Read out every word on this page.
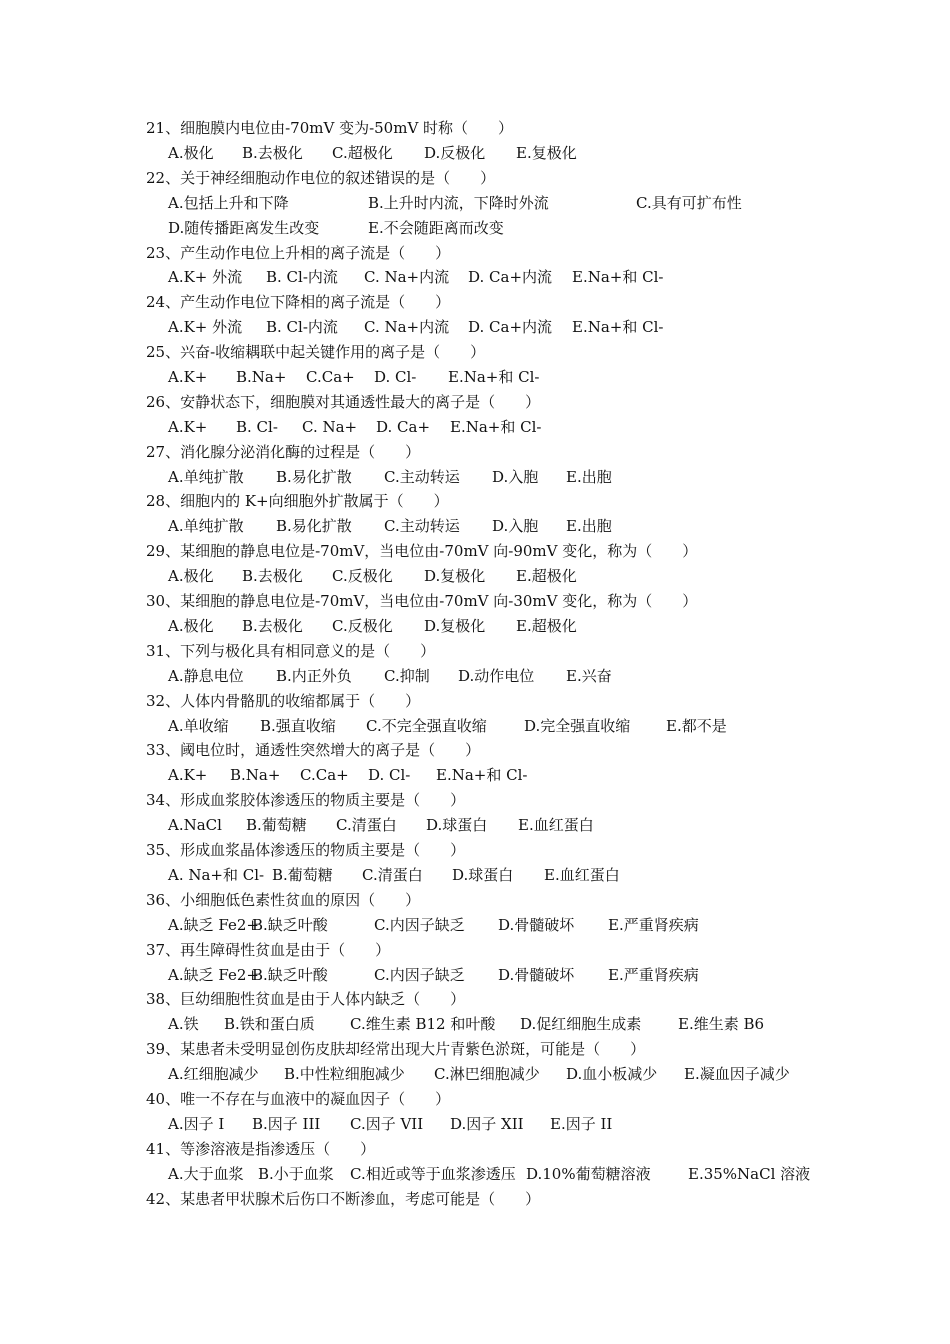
21、细胞膜内电位由-70mV 变为-50mV 时称（　　）
A.极化 B.去极化 C.超极化 D.反极化 E.复极化
22、关于神经细胞动作电位的叙述错误的是（　　）
A.包括上升和下降	B.上升时内流，下降时外流	C.具有可扩布性
D.随传播距离发生改变	E.不会随距离而改变
23、产生动作电位上升相的离子流是（　　）
A.K+ 外流 B. Cl-内流 C. Na+内流 D. Ca+内流 E.Na+和 Cl-
24、产生动作电位下降相的离子流是（　　）
A.K+ 外流 B. Cl-内流 C. Na+内流 D. Ca+内流 E.Na+和 Cl-
25、兴奋-收缩耦联中起关键作用的离子是（　　）
A.K+ B.Na+ C.Ca+ D. Cl- E.Na+和 Cl-
26、安静状态下，细胞膜对其通透性最大的离子是（　　）
A.K+ B. Cl- C. Na+ D. Ca+ E.Na+和 Cl-
27、消化腺分泌消化酶的过程是（　　）
A.单纯扩散 B.易化扩散 C.主动转运 D.入胞 E.出胞
28、细胞内的 K+向细胞外扩散属于（　　）
A.单纯扩散 B.易化扩散 C.主动转运 D.入胞 E.出胞
29、某细胞的静息电位是-70mV，当电位由-70mV 向-90mV 变化，称为（　　）
A.极化 B.去极化 C.反极化 D.复极化 E.超极化
30、某细胞的静息电位是-70mV，当电位由-70mV 向-30mV 变化，称为（　　）
A.极化 B.去极化 C.反极化 D.复极化 E.超极化
31、下列与极化具有相同意义的是（　　）
A.静息电位 B.内正外负 C.抑制 D.动作电位 E.兴奋
32、人体内骨骼肌的收缩都属于（　　）
A.单收缩 B.强直收缩 C.不完全强直收缩 D.完全强直收缩 E.都不是
33、阈电位时，通透性突然增大的离子是（　　）
A.K+ B.Na+ C.Ca+ D. Cl- E.Na+和 Cl-
34、形成血浆胶体渗透压的物质主要是（　　）
A.NaCl B.葡萄糖 C.清蛋白 D.球蛋白 E.血红蛋白
35、形成血浆晶体渗透压的物质主要是（　　）
A. Na+和 Cl- B.葡萄糖 C.清蛋白 D.球蛋白 E.血红蛋白
36、小细胞低色素性贫血的原因（　　）
A.缺乏 Fe2+
B.缺乏叶酸	C.内因子缺乏 D.骨髓破坏 E.严重肾疾病
37、再生障碍性贫血是由于（　　）
A.缺乏 Fe2+
B.缺乏叶酸	C.内因子缺乏 D.骨髓破坏 E.严重肾疾病
38、巨幼细胞性贫血是由于人体内缺乏（　　）
A.铁 B.铁和蛋白质 C.维生素 B12 和叶酸 D.促红细胞生成素 E.维生素 B6
39、某患者未受明显创伤皮肤却经常出现大片青紫色淤斑，可能是（　　）
A.红细胞减少 B.中性粒细胞减少 C.淋巴细胞减少 D.血小板减少 E.凝血因子减少
40、唯一不存在与血液中的凝血因子（　　）
A.因子 I B.因子 III C.因子 VII D.因子 XII E.因子 II
41、等渗溶液是指渗透压（　　）
A.大于血浆 B.小于血浆 C.相近或等于血浆渗透压 D.10%葡萄糖溶液 E.35%NaCl 溶液
42、某患者甲状腺术后伤口不断渗血，考虑可能是（　　）
